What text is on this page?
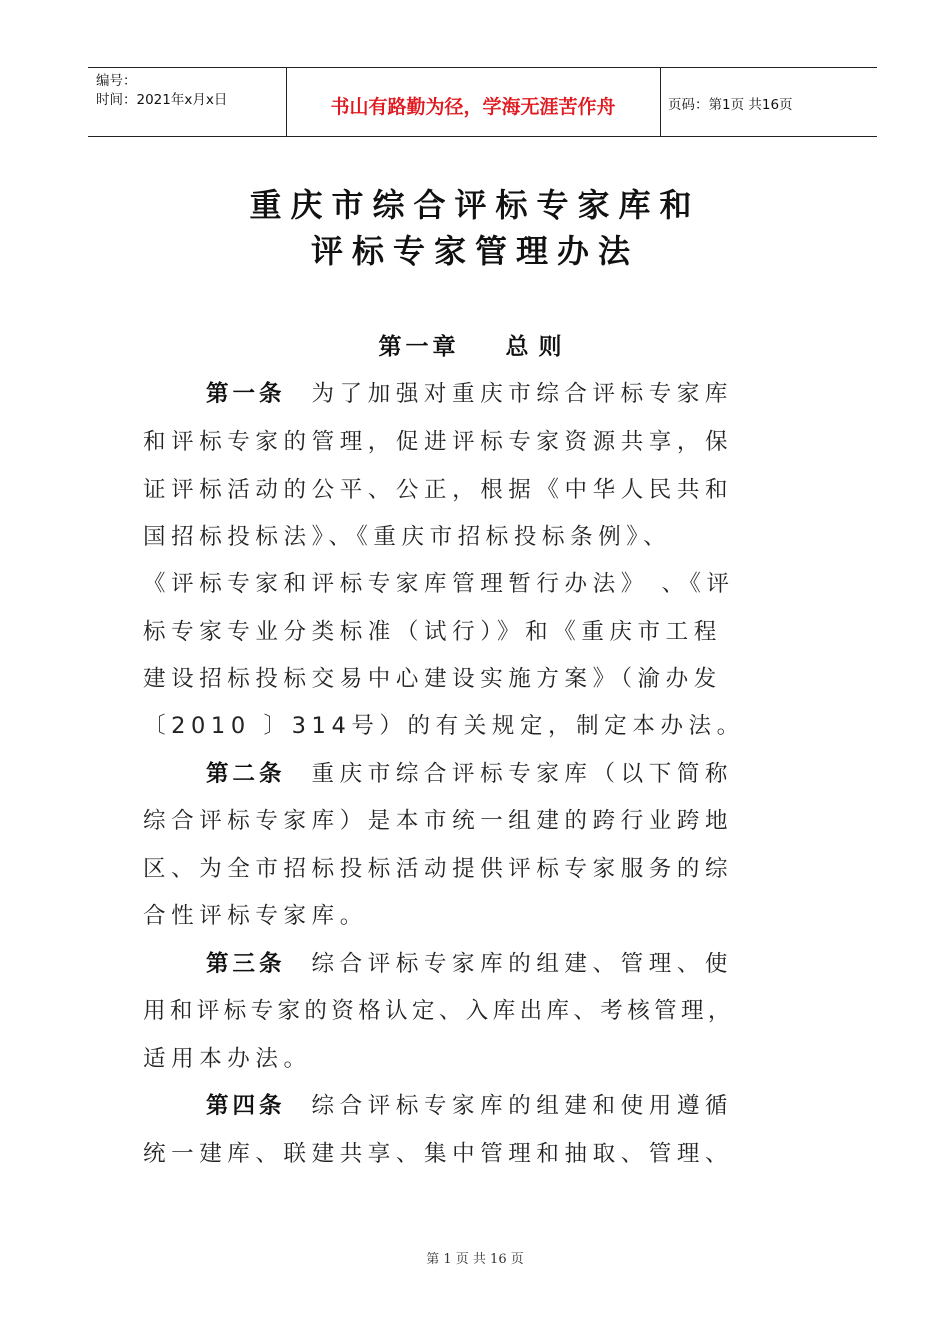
编号：
时间：2021年x月x日	书山有路勤为径，学海无涯苦作舟	页码：第1页 共16页
重庆市综合评标专家库和
评标专家管理办法
第一章 总则
第一条 为了加强对重庆市综合评标专家库
和评标专家的管理，促进评标专家资源共享，保
证评标活动的公平、公正，根据《中华人民共和
国招标投标法》、《重庆市招标投标条例》、
《评标专家和评标专家库管理暂行办法》 、《评
标专家专业分类标准（试行）》和《重庆市工程
建设招标投标交易中心建设实施方案》（渝办发
〔2010 〕314号）的有关规定，制定本办法。
第二条 重庆市综合评标专家库（以下简称
综合评标专家库）是本市统一组建的跨行业跨地
区、为全市招标投标活动提供评标专家服务的综
合性评标专家库。
第三条 综合评标专家库的组建、管理、使
用和评标专家的资格认定、入库出库、考核管理，
适用本办法。
第四条 综合评标专家库的组建和使用遵循
统一建库、联建共享、集中管理和抽取、管理、
第 1 页 共 16 页
